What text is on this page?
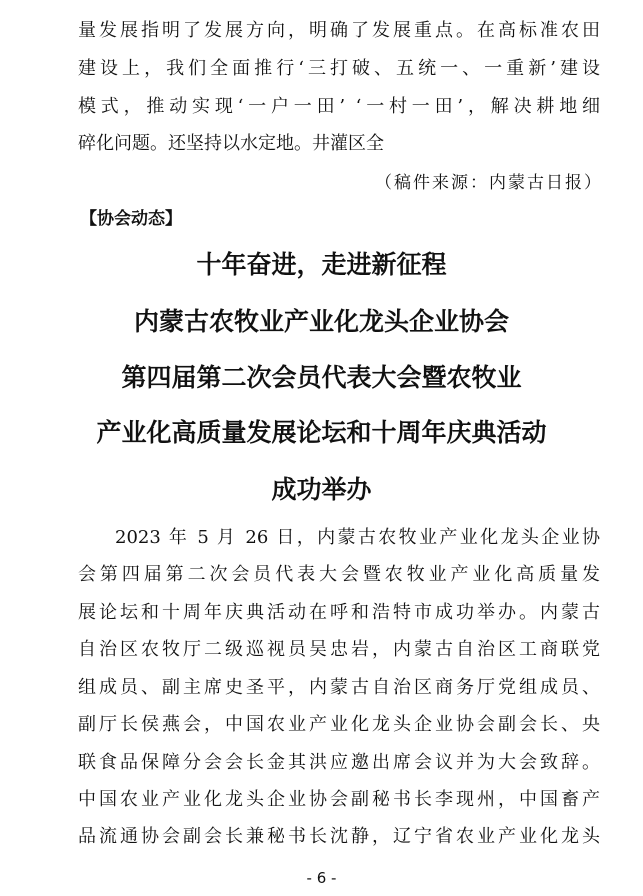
量发展指明了发展方向，明确了发展重点。在高标准农田
建设上，我们全面推行‘三打破、五统一、一重新’建设
模式，推动实现‘一户一田’ ‘一村一田’，解决耕地细
碎化问题。还坚持以水定地。井灌区全
（稿件来源：内蒙古日报）
【协会动态】
十年奋进，走进新征程
内蒙古农牧业产业化龙头企业协会
第四届第二次会员代表大会暨农牧业
产业化高质量发展论坛和十周年庆典活动
成功举办
2023 年 5 月 26 日，内蒙古农牧业产业化龙头企业协
会第四届第二次会员代表大会暨农牧业产业化高质量发
展论坛和十周年庆典活动在呼和浩特市成功举办。内蒙古
自治区农牧厅二级巡视员吴忠岩，内蒙古自治区工商联党
组成员、副主席史圣平，内蒙古自治区商务厅党组成员、
副厅长侯燕会，中国农业产业化龙头企业协会副会长、央
联食品保障分会会长金其洪应邀出席会议并为大会致辞。
中国农业产业化龙头企业协会副秘书长李现州，中国畜产
品流通协会副会长兼秘书长沈静，辽宁省农业产业化龙头
- 6 -
